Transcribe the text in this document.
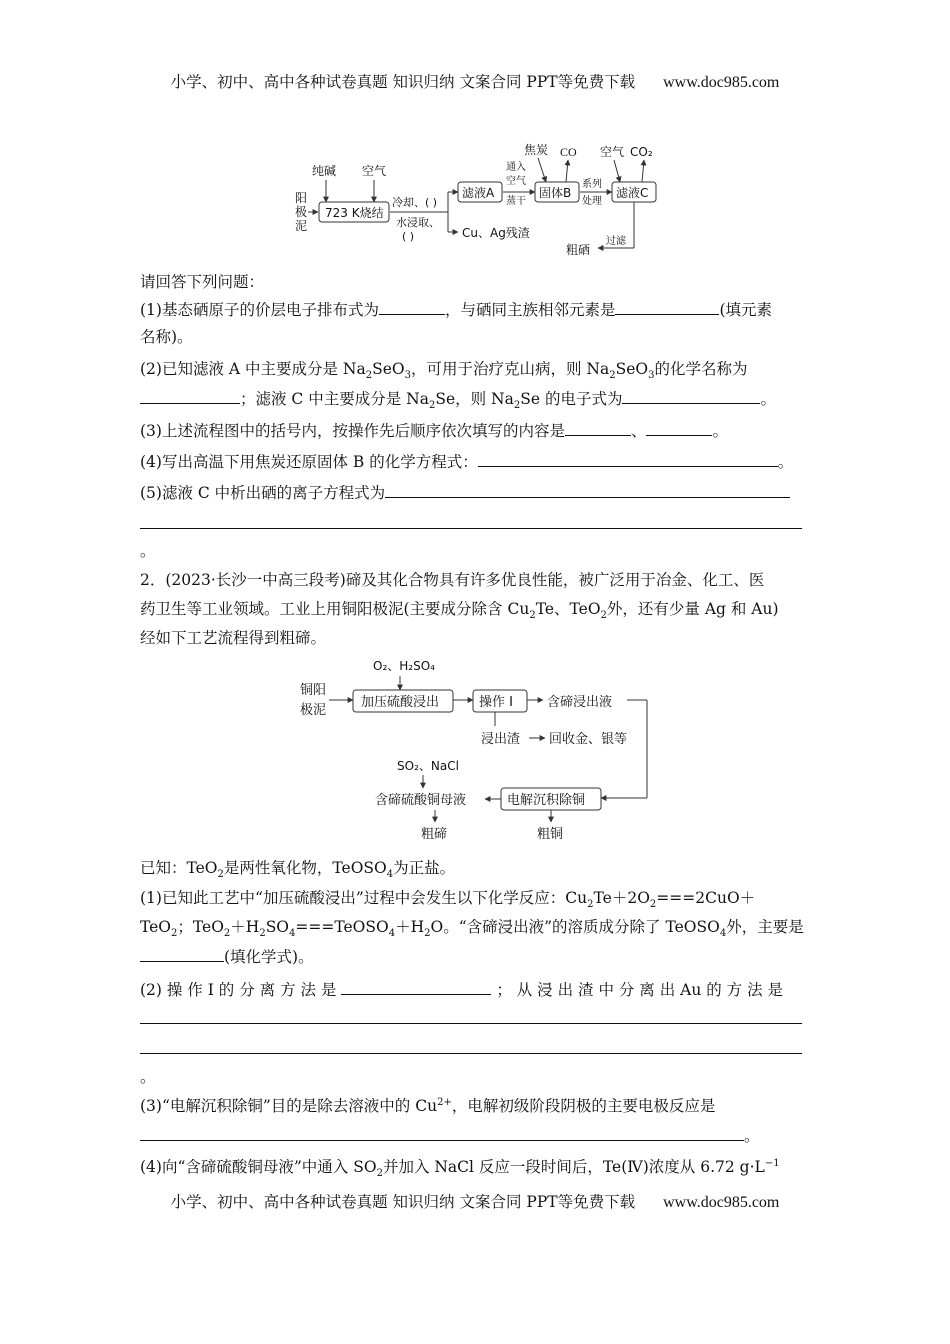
小学、初中、高中各种试卷真题 知识归纳 文案合同 PPT等免费下载 www.doc985.com
阳
极
泥
纯碱 空气
723 K烧结
冷却、( )
水浸取、
( )
滤液A
Cu、Ag残渣
通入
空气
蒸干
固体B
焦炭 CO
系列
处理
滤液C
空气 CO₂
过滤
粗硒
请回答下列问题：
(1)基态硒原子的价层电子排布式为	，与硒同主族相邻元素是	(填元素
名称)。
(2)已知滤液 A 中主要成分是 $Na_2SeO_3$，可用于治疗克山病，则 $Na_2SeO_3$的化学名称为
；滤液 C 中主要成分是 $Na_2Se$，则 $Na_2Se$ 的电子式为	。
(3)上述流程图中的括号内，按操作先后顺序依次填写的内容是	、	。
(4)写出高温下用焦炭还原固体 B 的化学方程式：	。
(5)滤液 C 中析出硒的离子方程式为
。
2．(2023·长沙一中高三段考)碲及其化合物具有许多优良性能，被广泛用于冶金、化工、医
药卫生等工业领域。工业上用铜阳极泥(主要成分除含 $Cu_2Te$、TeO$_2$外，还有少量 Ag 和 Au)
经如下工艺流程得到粗碲。
O₂、H₂SO₄
铜阳
极泥
加压硫酸浸出	操作 Ⅰ	含碲浸出液
浸出渣 回收金、银等
电解沉积除铜
含碲硫酸铜母液
SO₂、NaCl
粗碲	粗铜
已知：TeO$_2$是两性氧化物，TeOSO$_4$为正盐。
(1)已知此工艺中“加压硫酸浸出”过程中会发生以下化学反应：$Cu_2Te+2O_2===2CuO+$
TeO$_2$；$TeO_2+H_2SO_4===TeOSO_4+H_2O$。“含碲浸出液”的溶质成分除了 TeOSO$_4$外，主要是
(填化学式)。
(2) 操 作 Ⅰ 的 分 离 方 法 是	； 从 浸 出 渣 中 分 离 出 Au 的 方 法 是
。
(3)“电解沉积除铜”目的是除去溶液中的 $Cu^{2+}$，电解初级阶段阴极的主要电极反应是
。
(4)向“含碲硫酸铜母液”中通入 $SO_2$并加入 NaCl 反应一段时间后，Te(Ⅳ)浓度从 6.72 $g\cdot L^{-1}$
小学、初中、高中各种试卷真题 知识归纳 文案合同 PPT等免费下载 www.doc985.com
